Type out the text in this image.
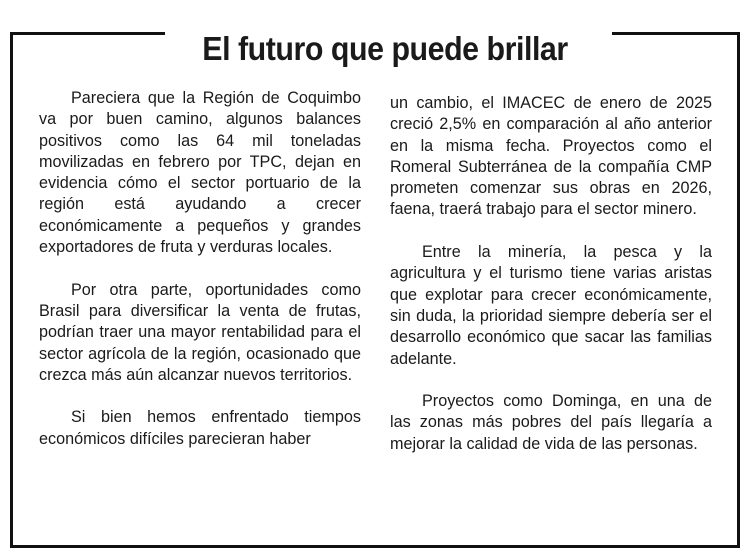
El futuro que puede brillar

Pareciera que la Región de Coquimbo va por buen camino, algunos balances positivos como las 64 mil toneladas movilizadas en febrero por TPC, dejan en evidencia cómo el sector portuario de la región está ayudando a crecer económicamente a pequeños y grandes exportadores de fruta y verduras locales.

Por otra parte, oportunidades como Brasil para diversificar la venta de frutas, podrían traer una mayor rentabilidad para el sector agrícola de la región, ocasionado que crezca más aún alcanzar nuevos territorios.

Si bien hemos enfrentado tiempos económicos difíciles parecieran haber

un cambio, el IMACEC de enero de 2025 creció 2,5% en comparación al año anterior en la misma fecha. Proyectos como el Romeral Subterránea de la compañía CMP prometen comenzar sus obras en 2026, faena, traerá trabajo para el sector minero.

Entre la minería, la pesca y la agricultura y el turismo tiene varias aristas que explotar para crecer económicamente, sin duda, la prioridad siempre debería ser el desarrollo económico que sacar las familias adelante.

Proyectos como Dominga, en una de las zonas más pobres del país llegaría a mejorar la calidad de vida de las personas.
